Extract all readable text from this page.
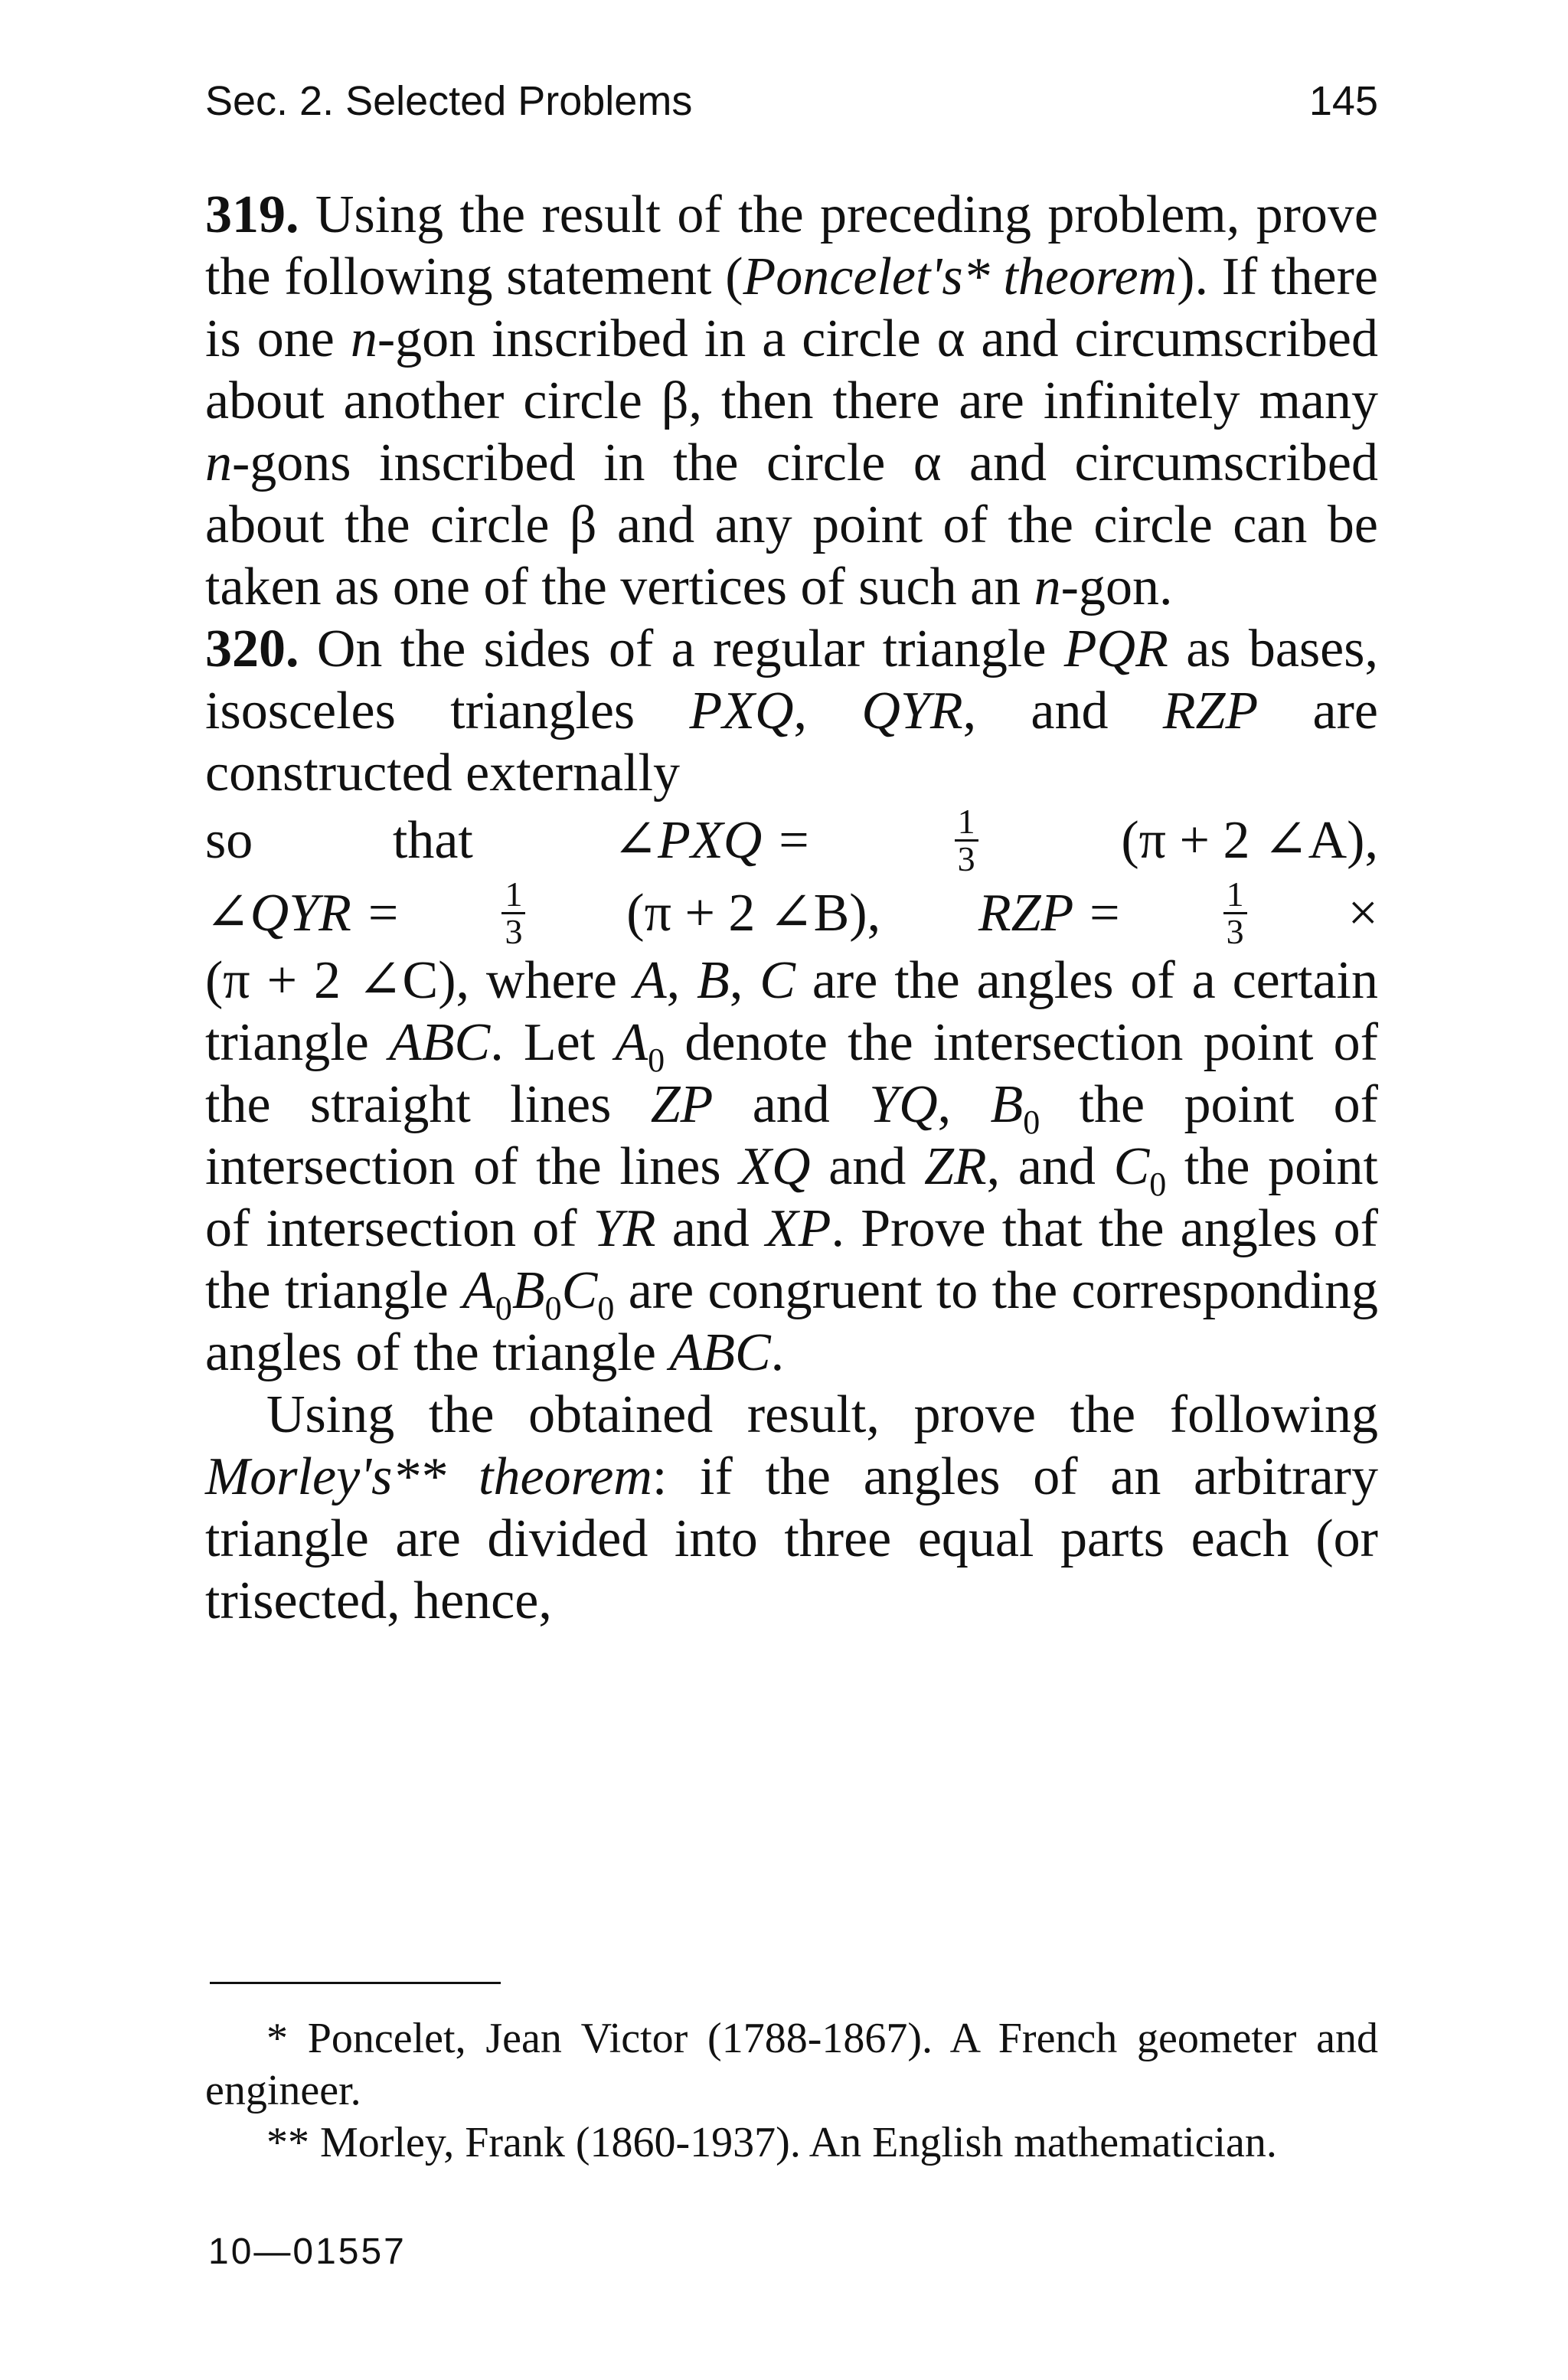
Sec. 2. Selected Problems	145

319. Using the result of the preceding problem, prove the following statement (Poncelet's* theorem). If there is one n-gon inscribed in a circle α and circumscribed about another circle β, then there are infinitely many n-gons inscribed in the circle α and circumscribed about the circle β and any point of the circle can be taken as one of the vertices of such an n-gon.

320. On the sides of a regular triangle PQR as bases, isosceles triangles PXQ, QYR, and RZP are constructed externally

so	that	∠PXQ =	$\frac{1}{3}$	(π + 2 ∠A),
∠QYR =	$\frac{1}{3} (\pi + 2$ ∠B), RZP =	$\frac{1}{3}$ ×

(π + 2 ∠C), where A, B, C are the angles of a certain triangle ABC. Let $A_0$ denote the intersection point of the straight lines ZP and YQ, $B_0$ the point of intersection of the lines XQ and ZR, and $C_0$ the point of intersection of YR and XP. Prove that the angles of the triangle $A_0B_0C_0$ are congruent to the corresponding angles of the triangle ABC.

Using the obtained result, prove the following Morley's** theorem: if the angles of an arbitrary triangle are divided into three equal parts each (or trisected, hence,

* Poncelet, Jean Victor (1788-1867). A French geometer and engineer.

** Morley, Frank (1860-1937). An English mathematician.

10—01557
